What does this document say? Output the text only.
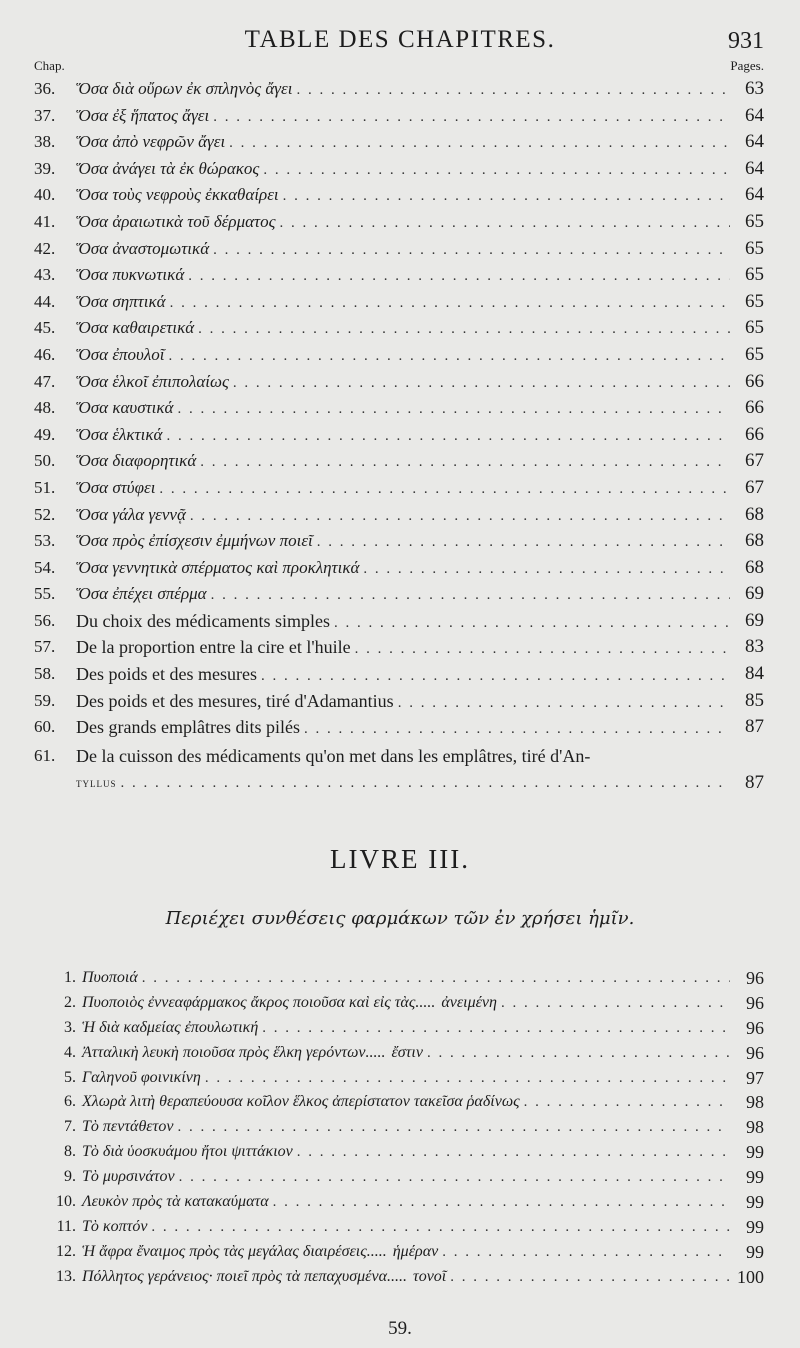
TABLE DES CHAPITRES.	931
Chap.	Pages.
36.	Ὅσα διὰ οὔρων ἐκ σπληνὸς ἄγει . . .	63
37.	Ὅσα ἐξ ἥπατος ἄγει . . .	64
38.	Ὅσα ἀπὸ νεφρῶν ἄγει . . .	64
39.	Ὅσα ἀνάγει τὰ ἐκ θώρακος . . .	64
40.	Ὅσα τοὺς νεφροὺς ἐκκαθαίρει . . .	64
41.	Ὅσα ἀραιωτικὰ τοῦ δέρματος . . .	65
42.	Ὅσα ἀναστομωτικά . . .	65
43.	Ὅσα πυκνωτικά . . .	65
44.	Ὅσα σηπτικά . . .	65
45.	Ὅσα καθαιρετικά . . .	65
46.	Ὅσα ἐπουλοῖ . . .	65
47.	Ὅσα ἑλκοῖ ἐπιπολαίως . . .	66
48.	Ὅσα καυστικά . . .	66
49.	Ὅσα ἑλκτικά . . .	66
50.	Ὅσα διαφορητικά . . .	67
51.	Ὅσα στύφει . . .	67
52.	Ὅσα γάλα γεννᾷ . . .	68
53.	Ὅσα πρὸς ἐπίσχεσιν ἐμμήνων ποιεῖ . . .	68
54.	Ὅσα γεννητικὰ σπέρματος καὶ προκλητικά . . .	68
55.	Ὅσα ἐπέχει σπέρμα . . .	69
56.	Du choix des médicaments simples . . .	69
57.	De la proportion entre la cire et l'huile . . .	83
58.	Des poids et des mesures . . .	84
59.	Des poids et des mesures, tiré d'Adamantius . . .	85
60.	Des grands emplâtres dits pilés . . .	87
61.	De la cuisson des médicaments qu'on met dans les emplâtres, tiré d'An-
tyllus . . .	87
LIVRE III.
Περιέχει συνθέσεις φαρμάκων τῶν ἐν χρήσει ἡμῖν.
1. Πυοποιά . . .	96
2. Πυοποιὸς ἐννεαφάρμακος ἄκρος ποιοῦσα καὶ εἰς τὰς..... ἀνειμένη . . .	96
3. Ἡ διὰ καδμείας ἐπουλωτική . . .	96
4. Ἀτταλικὴ λευκὴ ποιοῦσα πρὸς ἕλκη γερόντων..... ἔστιν . . .	96
5. Γαληνοῦ φοινικίνη . . .	97
6. Χλωρὰ λιτὴ θεραπεύουσα κοῖλον ἕλκος ἀπερίστατον τακεῖσα ῥαδίνως . . .	98
7. Τὸ πεντάθετον . . .	98
8. Τὸ διὰ ὑοσκυάμου ἤτοι ψιττάκιον . . .	99
9. Τὸ μυρσινάτον . . .	99
10. Λευκὸν πρὸς τὰ κατακαύματα . . .	99
11. Τὸ κοπτόν . . .	99
12. Ἡ ἄφρα ἔναιμος πρὸς τὰς μεγάλας διαιρέσεις..... ἡμέραν . . .	99
13. Πόλλητος γεράνειος· ποιεῖ πρὸς τὰ πεπαχυσμένα..... τονοῖ . . .	100
59.
